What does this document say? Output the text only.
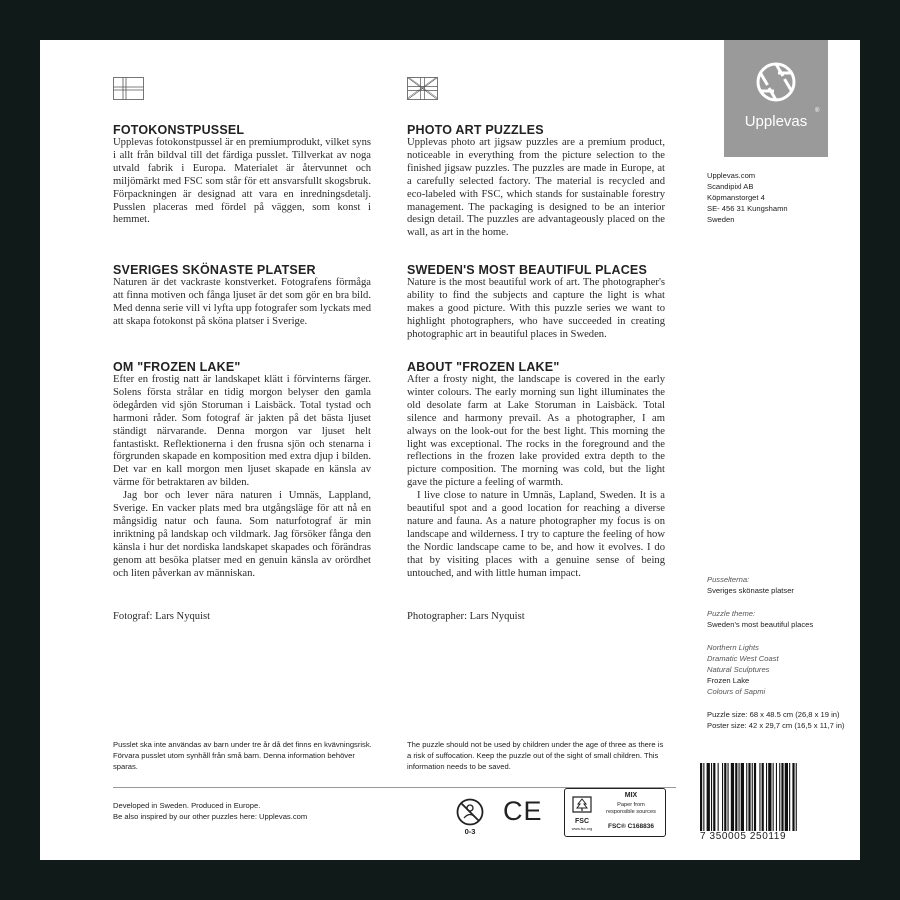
FOTOKONSTPUSSEL

Upplevas fotokonstpussel är en premiumprodukt, vilket syns i allt från bildval till det färdiga pusslet. Tillverkat av noga utvald fabrik i Europa. Materialet är återvunnet och miljömärkt med FSC som står för ett ansvarsfullt skogsbruk. Förpackningen är designad att vara en inredningsdetalj. Pusslen placeras med fördel på väggen, som konst i hemmet.

SVERIGES SKÖNASTE PLATSER

Naturen är det vackraste konstverket. Fotografens förmåga att finna motiven och fånga ljuset är det som gör en bra bild. Med denna serie vill vi lyfta upp fotografer som lyckats med att skapa fotokonst på sköna platser i Sverige.

OM "FROZEN LAKE"

Efter en frostig natt är landskapet klätt i förvinterns färger. Solens första strålar en tidig morgon belyser den gamla ödegården vid sjön Storuman i Laisbäck. Total tystad och harmoni råder. Som fotograf är jakten på det bästa ljuset ständigt närvarande. Denna morgon var ljuset helt fantastiskt. Reflektionerna i den frusna sjön och stenarna i förgrunden skapade en komposition med extra djup i bilden. Det var en kall morgon men ljuset skapade en känsla av värme för betraktaren av bilden.

Jag bor och lever nära naturen i Umnäs, Lappland, Sverige. En vacker plats med bra utgångsläge för att nå en mångsidig natur och fauna. Som naturfotograf är min inriktning på landskap och vildmark. Jag försöker fånga den känsla i hur det nordiska landskapet skapades och förändras genom att besöka platser med en genuin känsla av orördhet och liten påverkan av människan.

Fotograf: Lars Nyquist
PHOTO ART PUZZLES

Upplevas photo art jigsaw puzzles are a premium product, noticeable in everything from the picture selection to the finished jigsaw puzzles. The puzzles are made in Europe, at a carefully selected factory. The material is recycled and eco-labeled with FSC, which stands for sustainable forestry management. The packaging is designed to be an interior design detail. The puzzles are advantageously placed on the wall, as art in the home.

SWEDEN'S MOST BEAUTIFUL PLACES

Nature is the most beautiful work of art. The photographer's ability to find the subjects and capture the light is what makes a good picture. With this puzzle series we want to highlight photographers, who have succeeded in creating photographic art in beautiful places in Sweden.

ABOUT "FROZEN LAKE"

After a frosty night, the landscape is covered in the early winter colours. The early morning sun light illuminates the old desolate farm at Lake Storuman in Laisbäck. Total silence and harmony prevail. As a photographer, I am always on the look-out for the best light. This morning the light was exceptional. The rocks in the foreground and the reflections in the frozen lake provided extra depth to the picture composition. The morning was cold, but the light gave the picture a feeling of warmth.

I live close to nature in Umnäs, Lapland, Sweden. It is a beautiful spot and a good location for reaching a diverse nature and fauna. As a nature photographer my focus is on landscape and wilderness. I try to capture the feeling of how the Nordic landscape came to be, and how it evolves. I do that by visiting places with a genuine sense of being untouched, and with little human impact.

Photographer: Lars Nyquist
Upplevas
®
Upplevas.com
Scandipixl AB
Köpmanstorget 4
SE- 456 31 Kungshamn
Sweden
Pusselterna:
Sveriges skönaste platser
Puzzle theme:
Sweden's most beautiful places
Northern Lights
Dramatic West Coast
Natural Sculptures
Frozen Lake
Colours of Sapmi
Puzzle size: 68 x 48.5 cm (26,8 x 19 in)
Poster size: 42 x 29,7 cm (16,5 x 11,7 in)
Pusslet ska inte användas av barn under tre år då det finns en kvävningsrisk. Förvara pusslet utom synhåll från små barn. Denna information behöver sparas.
The puzzle should not be used by children under the age of three as there is a risk of suffocation. Keep the puzzle out of the sight of small children. This information needs to be saved.
Developed in Sweden. Produced in Europe.
Be also inspired by our other puzzles here: Upplevas.com
0-3
CE	FSC
www.fsc.org
MIX
Paper from
responsible sources
FSC® C168836
7 350005 250119
